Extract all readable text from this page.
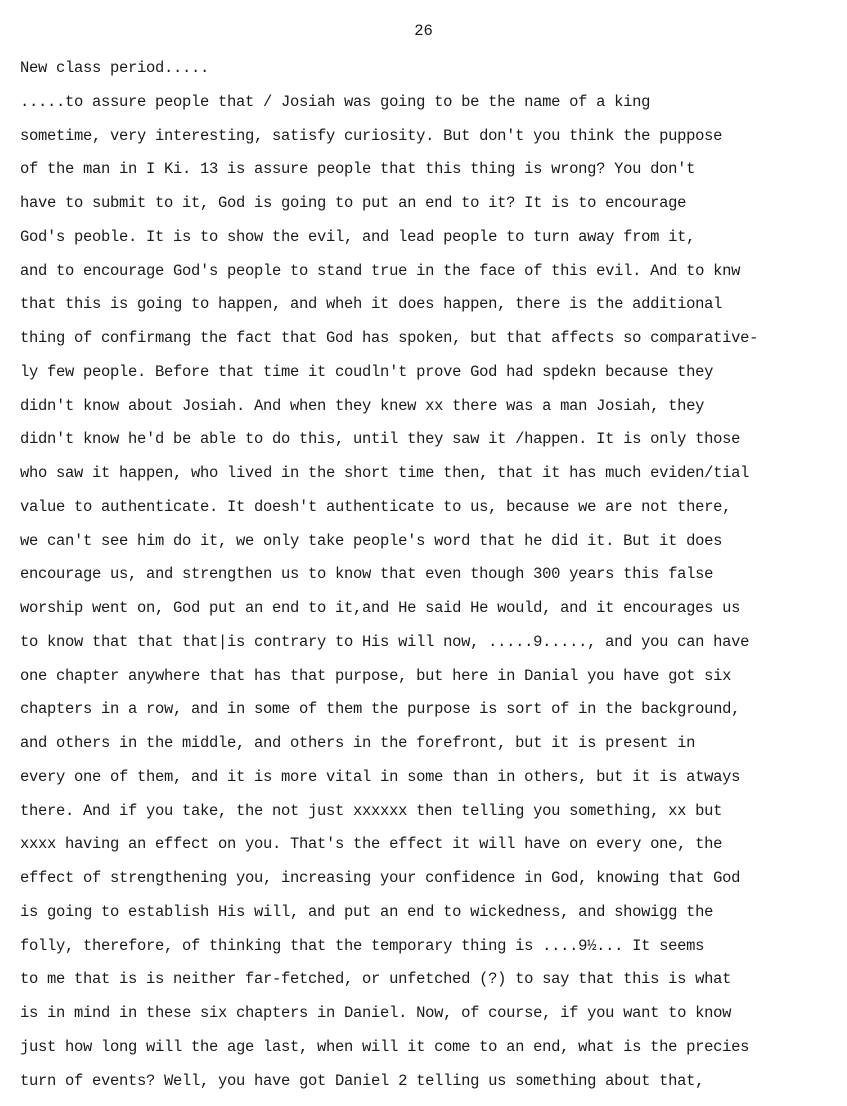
26
New class period.....
.....to assure people that / Josiah was going to be the name of a king
sometime, very interesting, satisfy curiosity. But don't you think the puppose
of the man in I Ki. 13 is assure people that this thing is wrong? You don't
have to submit to it, God is going to put an end to it? It is to encourage
God's peoble. It is to show the evil, and lead people to turn away from it,
and to encourage God's people to stand true in the face of this evil. And to knw
that this is going to happen, and wheh it does happen, there is the additional
thing of confirmang the fact that God has spoken, but that affects so comparative-
ly few people. Before that time it coudln't prove God had spdekn because they
didn't know about Josiah. And when they knew xx there was a man Josiah, they
didn't know he'd be able to do this, until they saw it /happen. It is only those
who saw it happen, who lived in the short time then, that it has much eviden/tial
value to authenticate. It doesh't authenticate to us, because we are not there,
we can't see him do it, we only take people's word that he did it. But it does
encourage us, and strengthen us to know that even though 300 years this false
worship went on, God put an end to it,and He said He would, and it encourages us
to know that that that|is contrary to His will now, .....9....., and you can have
one chapter anywhere that has that purpose, but here in Danial you have got six
chapters in a row, and in some of them the purpose is sort of in the background,
and others in the middle, and others in the forefront, but it is present in
every one of them, and it is more vital in some than in others, but it is atways
there. And if you take, the not just xxxxxx then telling you something, xx but
xxxx having an effect on you. That's the effect it will have on every one, the
effect of strengthening you, increasing your confidence in God, knowing that God
is going to establish His will, and put an end to wickedness, and showigg the
folly, therefore, of thinking that the temporary thing is ....9½... It seems
to me that is is neither far-fetched, or unfetched (?) to say that this is what
is in mind in these six chapters in Daniel. Now, of course, if you want to know
just how long will the age last, when will it come to an end, what is the precies
turn of events? Well, you have got Daniel 2 telling us something about that,
